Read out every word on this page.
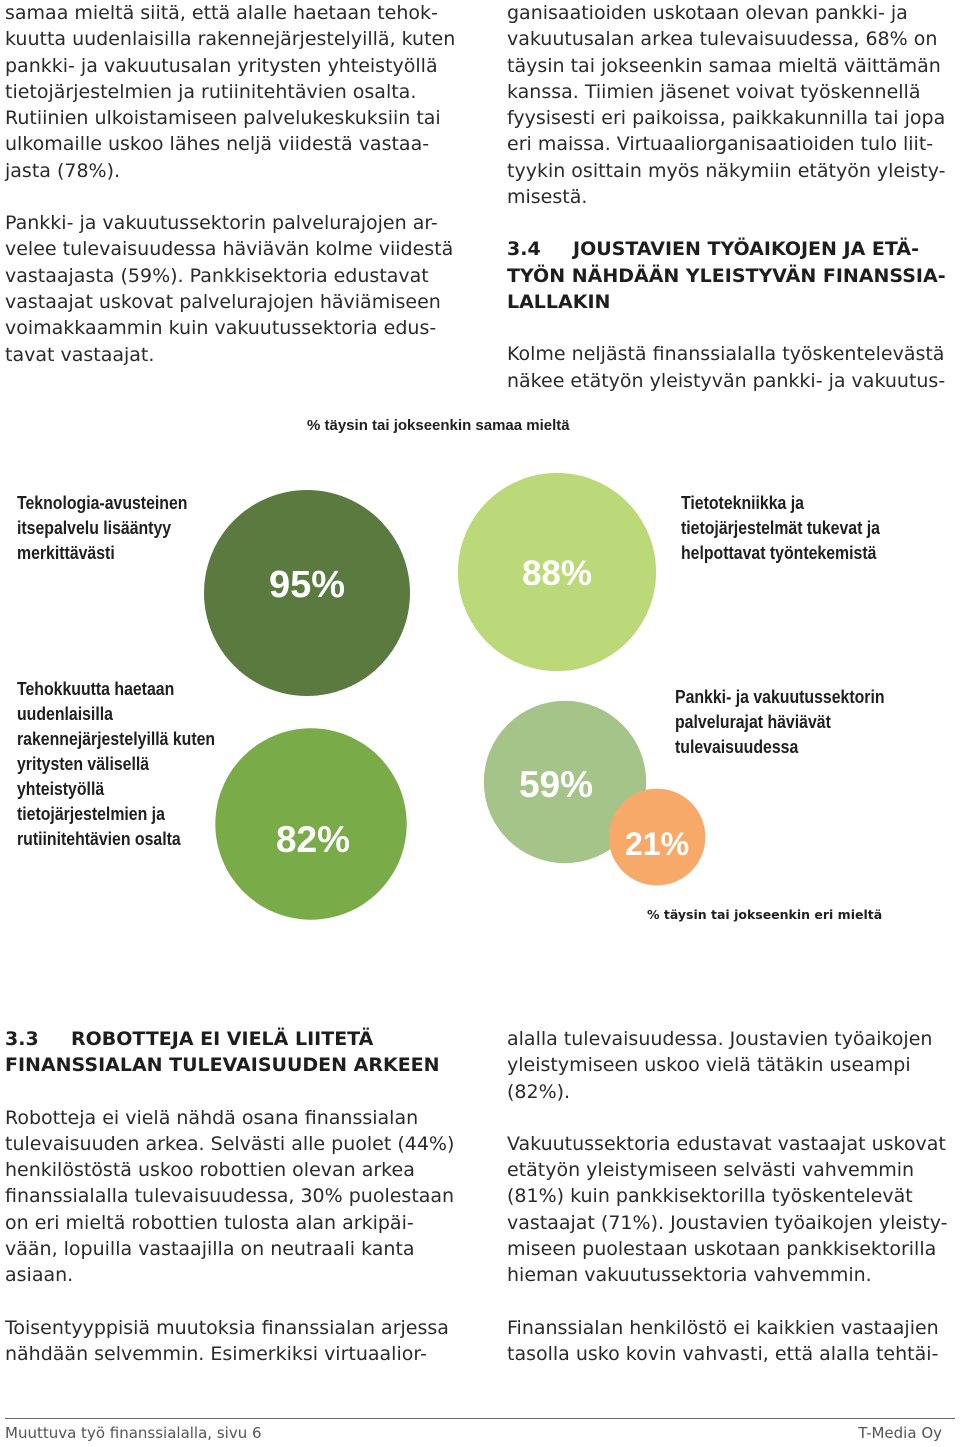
samaa mieltä siitä, että alalle haetaan tehok-
kuutta uudenlaisilla rakennejärjestelyillä, kuten
pankki- ja vakuutusalan yritysten yhteistyöllä
tietojärjestelmien ja rutiinitehtävien osalta.
Rutiinien ulkoistamiseen palvelukeskuksiin tai
ulkomaille uskoo lähes neljä viidestä vastaa-
jasta (78%).

Pankki- ja vakuutussektorin palvelurajojen ar-
velee tulevaisuudessa häviävän kolme viidestä
vastaajasta (59%). Pankkisektoria edustavat
vastaajat uskovat palvelurajojen häviämiseen
voimakkaammin kuin vakuutussektoria edus-
tavat vastaajat.

ganisaatioiden uskotaan olevan pankki- ja
vakuutusalan arkea tulevaisuudessa, 68% on
täysin tai jokseenkin samaa mieltä väittämän
kanssa. Tiimien jäsenet voivat työskennellä
fyysisesti eri paikoissa, paikkakunnilla tai jopa
eri maissa. Virtuaaliorganisaatioiden tulo liit-
tyykin osittain myös näkymiin etätyön yleisty-
misestä.

3.4 JOUSTAVIEN TYÖAIKOJEN JA ETÄ-
TYÖN NÄHDÄÄN YLEISTYVÄN FINANSSIA-
LALLAKIN

Kolme neljästä finanssialalla työskentelevästä
näkee etätyön yleistyvän pankki- ja vakuutus-

95%	88%
82%
59%
21%
% täysin tai jokseenkin samaa mieltä
Teknologia-avusteinen
itsepalvelu lisääntyy
merkittävästi
Tietotekniikka ja
tietojärjestelmät tukevat ja
helpottavat työntekemistä
Tehokkuutta haetaan
uudenlaisilla
rakennejärjestelyillä kuten
yritysten välisellä
yhteistyöllä
tietojärjestelmien ja
rutiinitehtävien osalta
Pankki- ja vakuutussektorin
palvelurajat häviävät
tulevaisuudessa
% täysin tai jokseenkin eri mieltä
3.3 ROBOTTEJA EI VIELÄ LIITETÄ
FINANSSIALAN TULEVAISUUDEN ARKEEN

Robotteja ei vielä nähdä osana finanssialan
tulevaisuuden arkea. Selvästi alle puolet (44%)
henkilöstöstä uskoo robottien olevan arkea
finanssialalla tulevaisuudessa, 30% puolestaan
on eri mieltä robottien tulosta alan arkipäi-
vään, lopuilla vastaajilla on neutraali kanta
asiaan.

Toisentyyppisiä muutoksia finanssialan arjessa
nähdään selvemmin. Esimerkiksi virtuaalior-

alalla tulevaisuudessa. Joustavien työaikojen
yleistymiseen uskoo vielä tätäkin useampi
(82%).

Vakuutussektoria edustavat vastaajat uskovat
etätyön yleistymiseen selvästi vahvemmin
(81%) kuin pankkisektorilla työskentelevät
vastaajat (71%). Joustavien työaikojen yleisty-
miseen puolestaan uskotaan pankkisektorilla
hieman vakuutussektoria vahvemmin.

Finanssialan henkilöstö ei kaikkien vastaajien
tasolla usko kovin vahvasti, että alalla tehtäi-

Muuttuva työ finanssialalla, sivu 6	T-Media Oy
